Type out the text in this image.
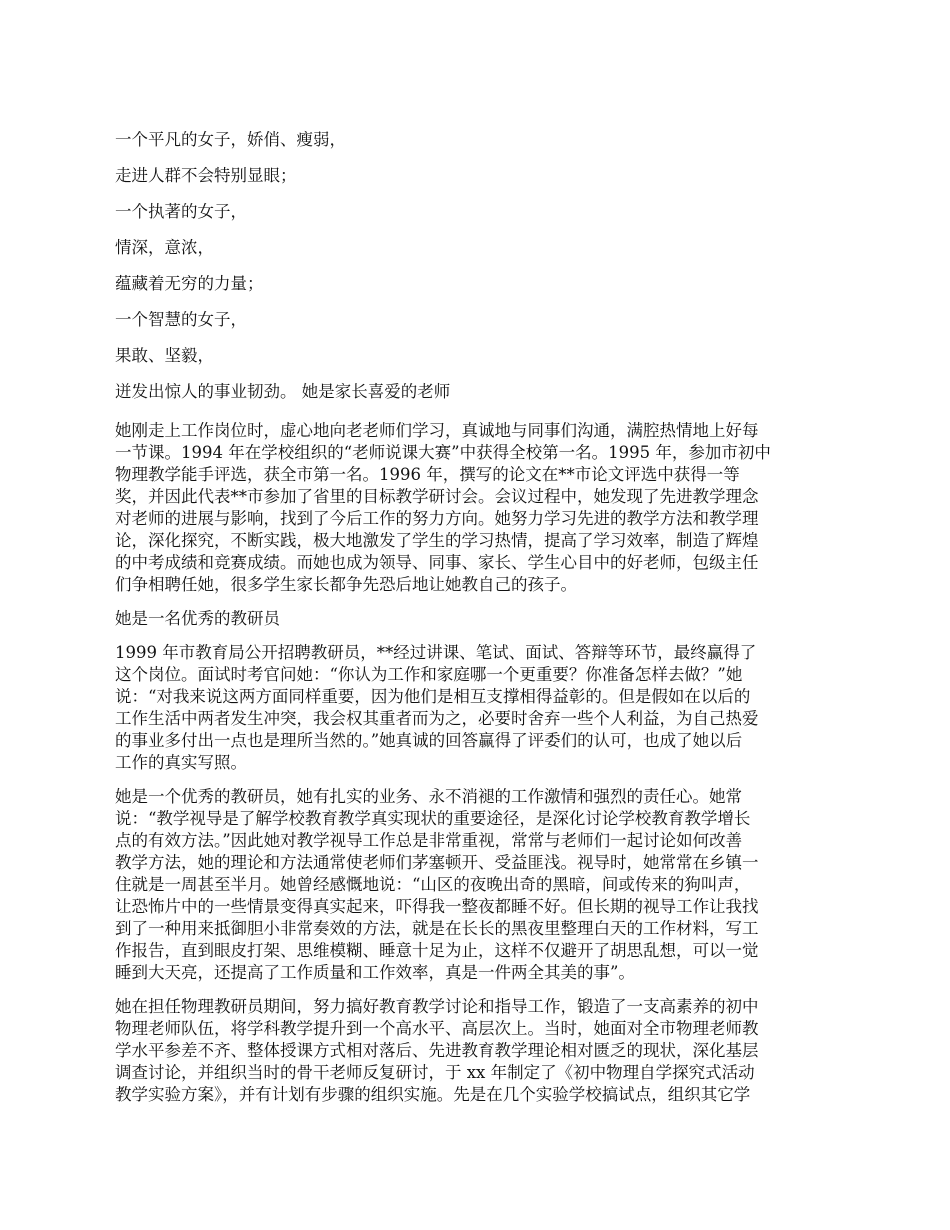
一个平凡的女子，娇俏、瘦弱，

走进人群不会特别显眼；

一个执著的女子，

情深，意浓，

蕴藏着无穷的力量；

一个智慧的女子，

果敢、坚毅，

迸发出惊人的事业韧劲。 她是家长喜爱的老师

她刚走上工作岗位时，虚心地向老老师们学习，真诚地与同事们沟通，满腔热情地上好每
一节课。1994 年在学校组织的“老师说课大赛”中获得全校第一名。1995 年，参加市初中
物理教学能手评选，获全市第一名。1996 年，撰写的论文在**市论文评选中获得一等
奖，并因此代表**市参加了省里的目标教学研讨会。会议过程中，她发现了先进教学理念
对老师的进展与影响，找到了今后工作的努力方向。她努力学习先进的教学方法和教学理
论，深化探究，不断实践，极大地激发了学生的学习热情，提高了学习效率，制造了辉煌
的中考成绩和竞赛成绩。而她也成为领导、同事、家长、学生心目中的好老师，包级主任
们争相聘任她，很多学生家长都争先恐后地让她教自己的孩子。

她是一名优秀的教研员

1999 年市教育局公开招聘教研员，**经过讲课、笔试、面试、答辩等环节，最终赢得了
这个岗位。面试时考官问她：“你认为工作和家庭哪一个更重要？你准备怎样去做？”她
说：“对我来说这两方面同样重要，因为他们是相互支撑相得益彰的。但是假如在以后的
工作生活中两者发生冲突，我会权其重者而为之，必要时舍弃一些个人利益，为自己热爱
的事业多付出一点也是理所当然的。”她真诚的回答赢得了评委们的认可，也成了她以后
工作的真实写照。

她是一个优秀的教研员，她有扎实的业务、永不消褪的工作激情和强烈的责任心。她常
说：“教学视导是了解学校教育教学真实现状的重要途径，是深化讨论学校教育教学增长
点的有效方法。”因此她对教学视导工作总是非常重视，常常与老师们一起讨论如何改善
教学方法，她的理论和方法通常使老师们茅塞顿开、受益匪浅。视导时，她常常在乡镇一
住就是一周甚至半月。她曾经感慨地说：“山区的夜晚出奇的黑暗，间或传来的狗叫声，
让恐怖片中的一些情景变得真实起来，吓得我一整夜都睡不好。但长期的视导工作让我找
到了一种用来抵御胆小非常奏效的方法，就是在长长的黑夜里整理白天的工作材料，写工
作报告，直到眼皮打架、思维模糊、睡意十足为止，这样不仅避开了胡思乱想，可以一觉
睡到大天亮，还提高了工作质量和工作效率，真是一件两全其美的事”。

她在担任物理教研员期间，努力搞好教育教学讨论和指导工作，锻造了一支高素养的初中
物理老师队伍，将学科教学提升到一个高水平、高层次上。当时，她面对全市物理老师教
学水平参差不齐、整体授课方式相对落后、先进教育教学理论相对匮乏的现状，深化基层
调查讨论，并组织当时的骨干老师反复研讨，于 xx 年制定了《初中物理自学探究式活动
教学实验方案》，并有计划有步骤的组织实施。先是在几个实验学校搞试点，组织其它学
